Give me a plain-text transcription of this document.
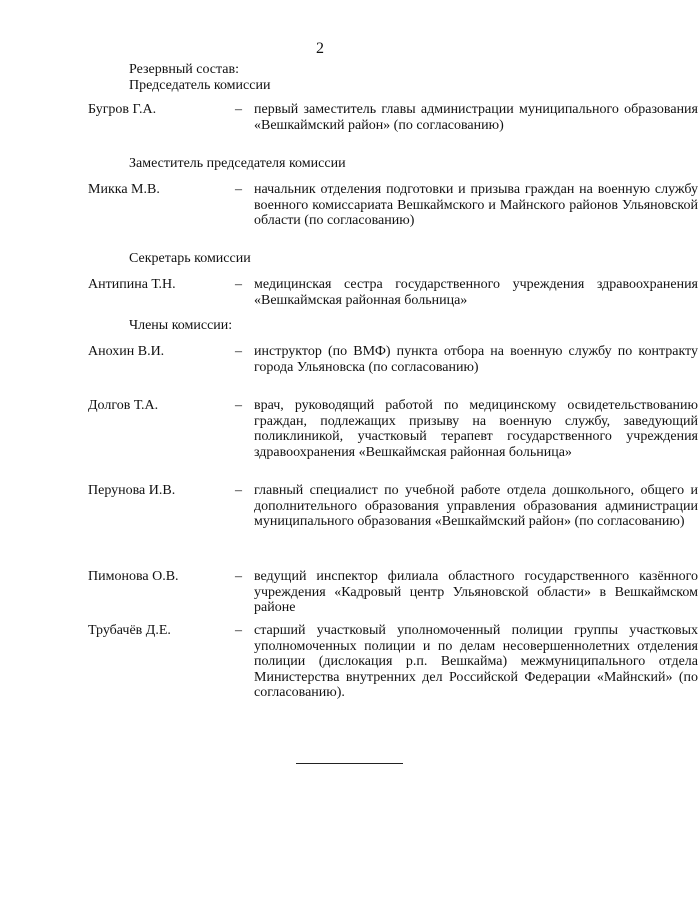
2
Резервный состав:
Председатель комиссии
Бугров Г.А.	– первый заместитель главы администрации муниципального образования «Вешкаймский район» (по согласованию)
Заместитель председателя комиссии
Микка М.В.	– начальник отделения подготовки и призыва граждан на военную службу военного комиссариата Вешкаймского и Майнского районов Ульяновской области (по согласованию)
Секретарь комиссии
Антипина Т.Н.	– медицинская сестра государственного учреждения здравоохранения «Вешкаймская районная больница»
Члены комиссии:
Анохин В.И.	– инструктор (по ВМФ) пункта отбора на военную службу по контракту города Ульяновска (по согласованию)
Долгов Т.А.	– врач, руководящий работой по медицинскому освидетельствованию граждан, подлежащих призыву на военную службу, заведующий поликлиникой, участковый терапевт государственного учреждения здравоохранения «Вешкаймская районная больница»
Перунова И.В.	– главный специалист по учебной работе отдела дошкольного, общего и дополнительного образования управления образования администрации муниципального образования «Вешкаймский район» (по согласованию)
Пимонова О.В.	– ведущий инспектор филиала областного государственного казённого учреждения «Кадровый центр Ульяновской области» в Вешкаймском районе
Трубачёв Д.Е.	– старший участковый уполномоченный полиции группы участковых уполномоченных полиции и по делам несовершеннолетних отделения полиции (дислокация р.п. Вешкайма) межмуниципального отдела Министерства внутренних дел Российской Федерации «Майнский» (по согласованию).
